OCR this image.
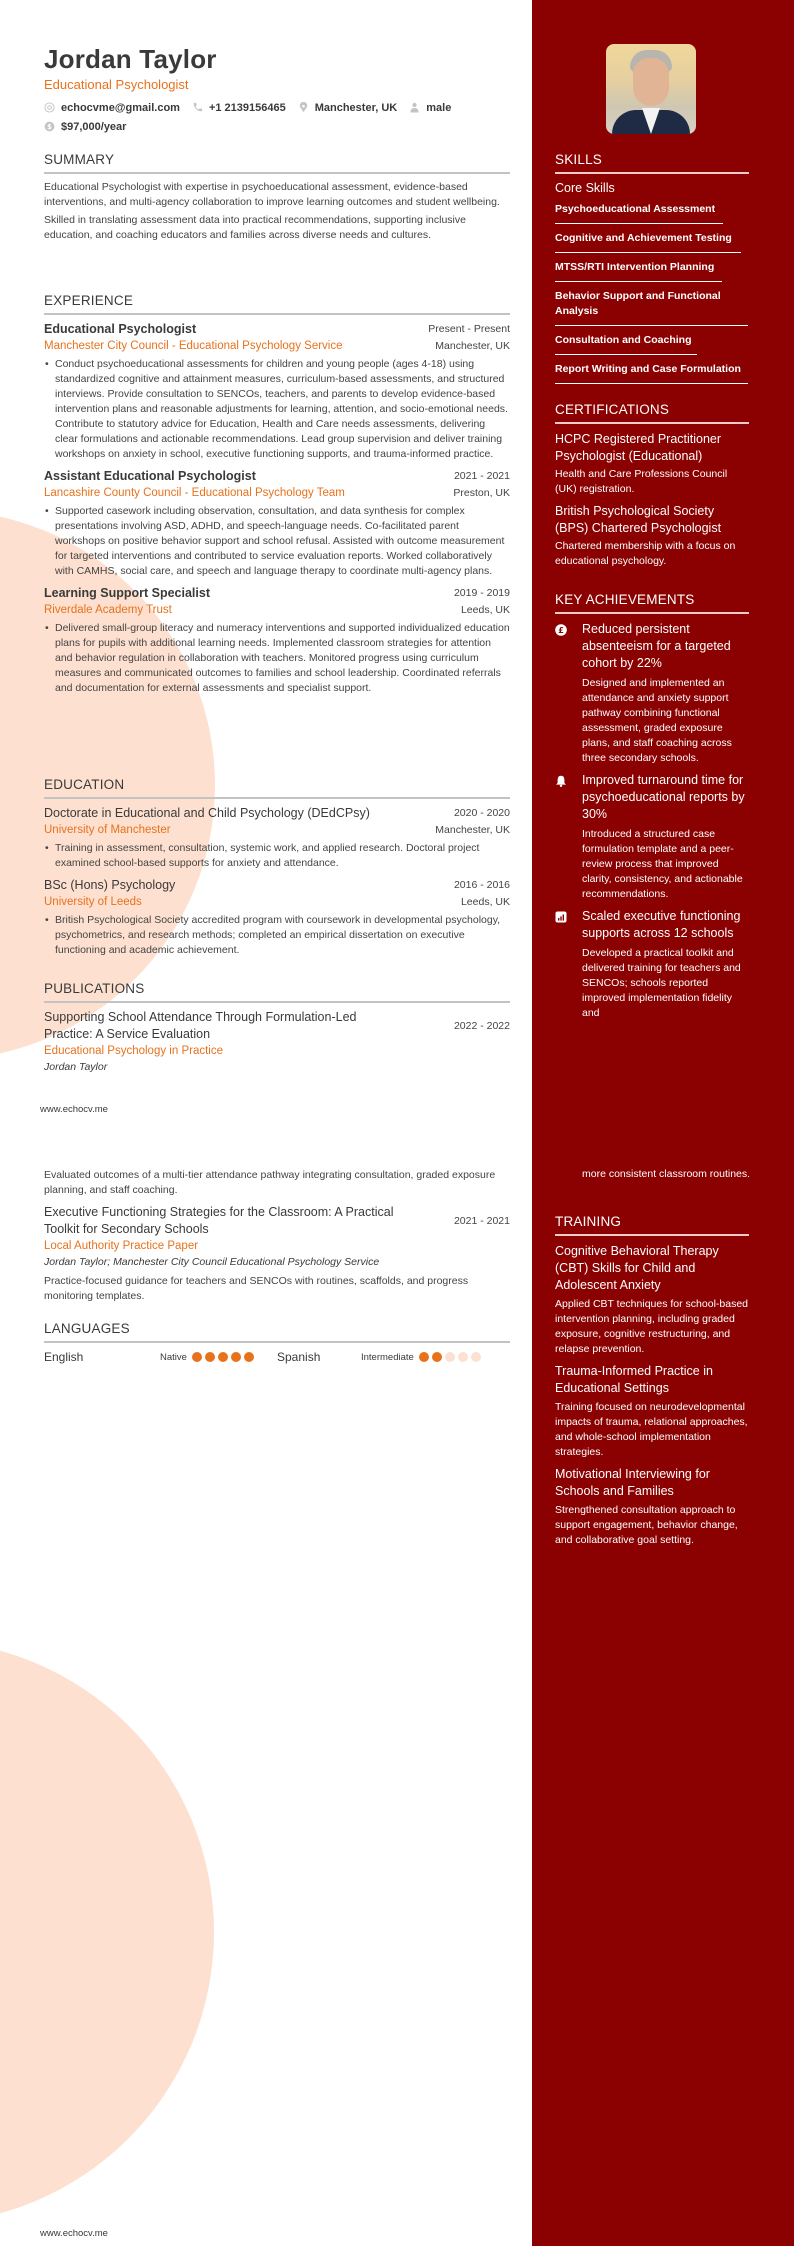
Jordan Taylor
Educational Psychologist
echocvme@gmail.com	+1 2139156465	Manchester, UK	male
$ $97,000/year
SUMMARY
Educational Psychologist with expertise in psychoeducational assessment, evidence-based interventions, and multi-agency collaboration to improve learning outcomes and student wellbeing.
Skilled in translating assessment data into practical recommendations, supporting inclusive education, and coaching educators and families across diverse needs and cultures.
EXPERIENCE
Educational Psychologist	Present - Present
Manchester City Council - Educational Psychology Service	Manchester, UK
• Conduct psychoeducational assessments for children and young people (ages 4-18) using standardized cognitive and attainment measures, curriculum-based assessments, and structured interviews. Provide consultation to SENCOs, teachers, and parents to develop evidence-based intervention plans and reasonable adjustments for learning, attention, and socio-emotional needs. Contribute to statutory advice for Education, Health and Care needs assessments, delivering clear formulations and actionable recommendations. Lead group supervision and deliver training workshops on anxiety in school, executive functioning supports, and trauma-informed practice.
Assistant Educational Psychologist	2021 - 2021
Lancashire County Council - Educational Psychology Team	Preston, UK
• Supported casework including observation, consultation, and data synthesis for complex presentations involving ASD, ADHD, and speech-language needs. Co-facilitated parent workshops on positive behavior support and school refusal. Assisted with outcome measurement for targeted interventions and contributed to service evaluation reports. Worked collaboratively with CAMHS, social care, and speech and language therapy to coordinate multi-agency plans.
Learning Support Specialist	2019 - 2019
Riverdale Academy Trust	Leeds, UK
• Delivered small-group literacy and numeracy interventions and supported individualized education plans for pupils with additional learning needs. Implemented classroom strategies for attention and behavior regulation in collaboration with teachers. Monitored progress using curriculum measures and communicated outcomes to families and school leadership. Coordinated referrals and documentation for external assessments and specialist support.
EDUCATION
Doctorate in Educational and Child Psychology (DEdCPsy)	2020 - 2020
University of Manchester	Manchester, UK
• Training in assessment, consultation, systemic work, and applied research. Doctoral project examined school-based supports for anxiety and attendance.
BSc (Hons) Psychology	2016 - 2016
University of Leeds	Leeds, UK
• British Psychological Society accredited program with coursework in developmental psychology, psychometrics, and research methods; completed an empirical dissertation on executive functioning and academic achievement.
PUBLICATIONS
Supporting School Attendance Through Formulation-Led Practice: A Service Evaluation
2022 - 2022
Educational Psychology in Practice
Jordan Taylor
www.echocv.me
Evaluated outcomes of a multi-tier attendance pathway integrating consultation, graded exposure planning, and staff coaching.
Executive Functioning Strategies for the Classroom: A Practical Toolkit for Secondary Schools
2021 - 2021
Local Authority Practice Paper
Jordan Taylor; Manchester City Council Educational Psychology Service
Practice-focused guidance for teachers and SENCOs with routines, scaffolds, and progress monitoring templates.
LANGUAGES
English	Native	Spanish	Intermediate
www.echocv.me
SKILLS
Core Skills
Psychoeducational Assessment
Cognitive and Achievement Testing
MTSS/RTI Intervention Planning
Behavior Support and Functional Analysis
Consultation and Coaching
Report Writing and Case Formulation
CERTIFICATIONS
HCPC Registered Practitioner Psychologist (Educational)
Health and Care Professions Council (UK) registration.
British Psychological Society (BPS) Chartered Psychologist
Chartered membership with a focus on educational psychology.
KEY ACHIEVEMENTS
£ Reduced persistent absenteeism for a targeted cohort by 22%
Designed and implemented an attendance and anxiety support pathway combining functional assessment, graded exposure plans, and staff coaching across three secondary schools.
Improved turnaround time for psychoeducational reports by 30%
Introduced a structured case formulation template and a peer-review process that improved clarity, consistency, and actionable recommendations.
Scaled executive functioning supports across 12 schools
Developed a practical toolkit and delivered training for teachers and SENCOs; schools reported improved implementation fidelity and
more consistent classroom routines.
TRAINING
Cognitive Behavioral Therapy (CBT) Skills for Child and Adolescent Anxiety
Applied CBT techniques for school-based intervention planning, including graded exposure, cognitive restructuring, and relapse prevention.
Trauma-Informed Practice in Educational Settings
Training focused on neurodevelopmental impacts of trauma, relational approaches, and whole-school implementation strategies.
Motivational Interviewing for Schools and Families
Strengthened consultation approach to support engagement, behavior change, and collaborative goal setting.
